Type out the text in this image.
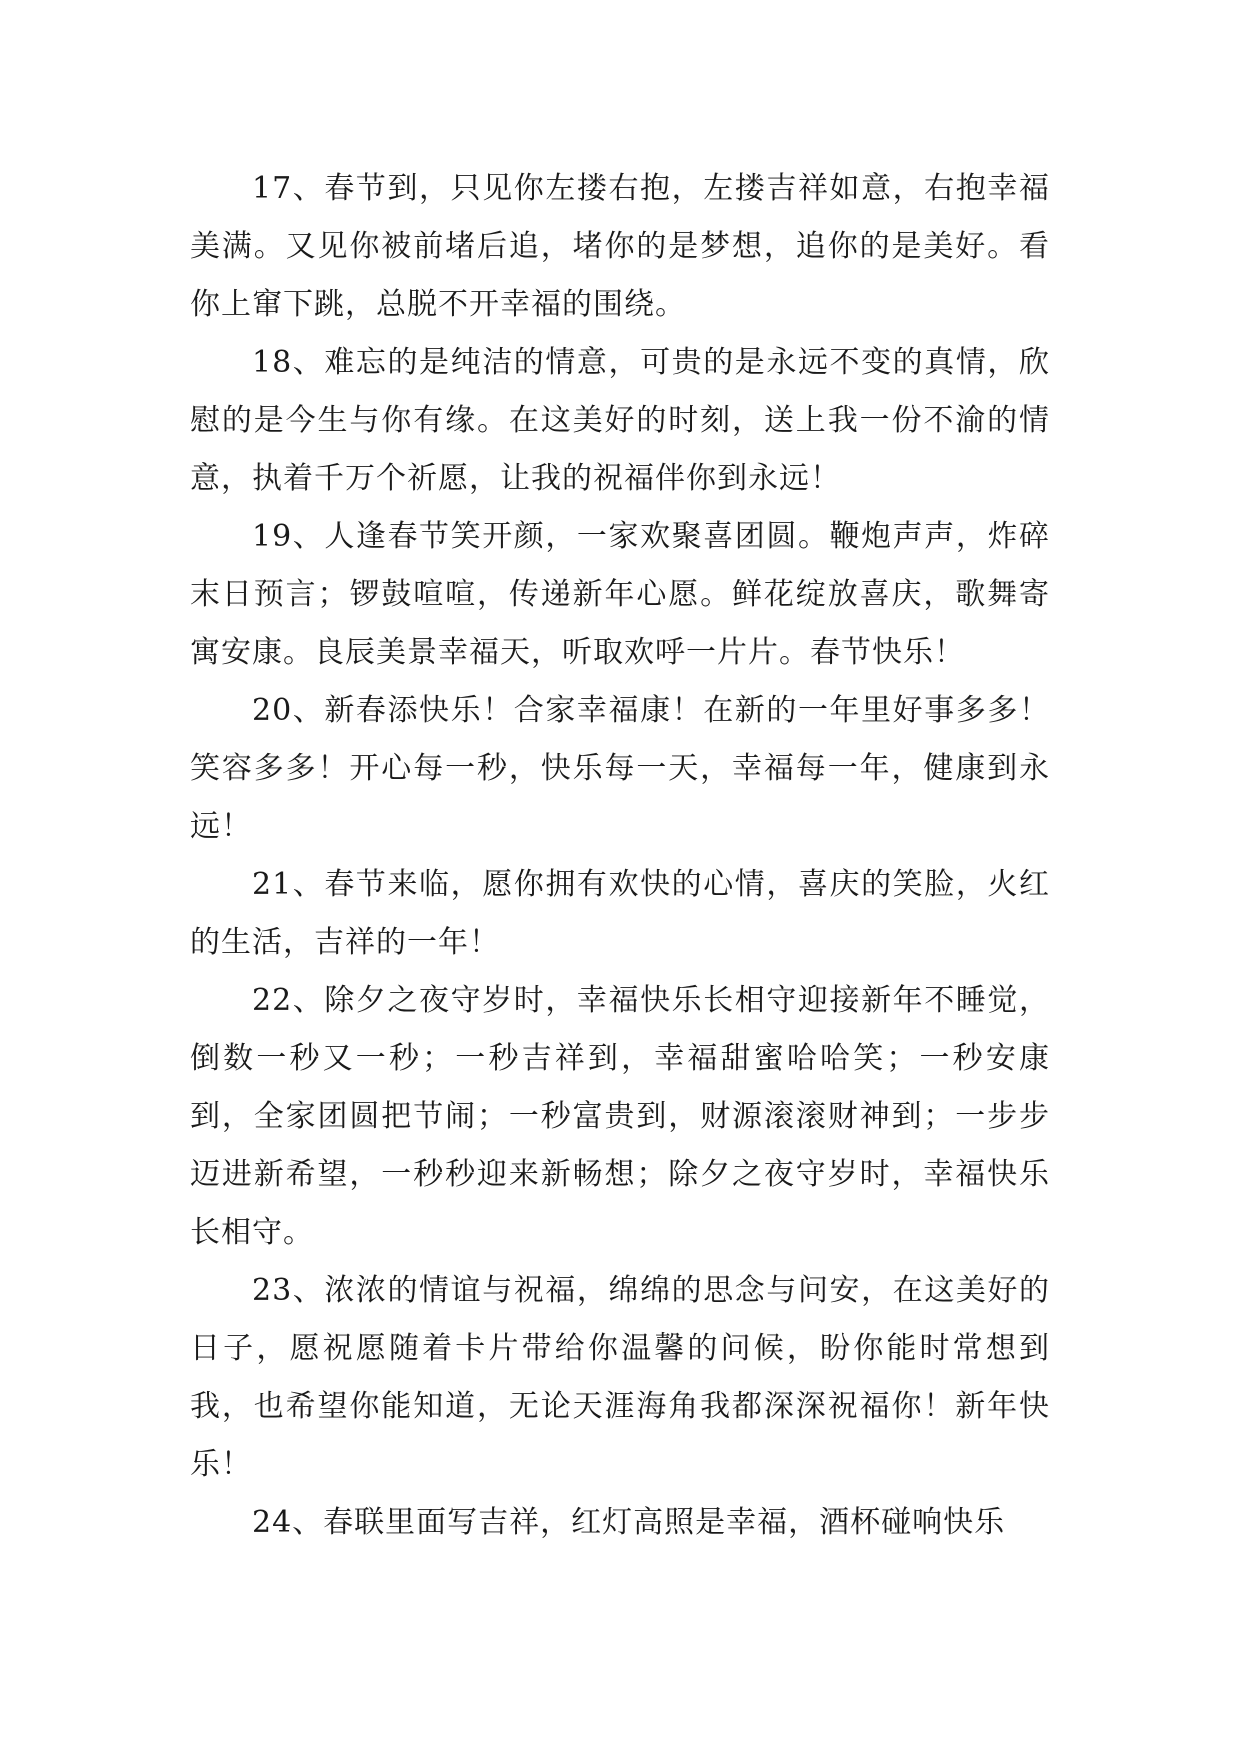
17、春节到，只见你左搂右抱，左搂吉祥如意，右抱幸福美满。又见你被前堵后追，堵你的是梦想，追你的是美好。看你上窜下跳，总脱不开幸福的围绕。

18、难忘的是纯洁的情意，可贵的是永远不变的真情，欣慰的是今生与你有缘。在这美好的时刻，送上我一份不渝的情意，执着千万个祈愿，让我的祝福伴你到永远！

19、人逢春节笑开颜，一家欢聚喜团圆。鞭炮声声，炸碎末日预言；锣鼓喧喧，传递新年心愿。鲜花绽放喜庆，歌舞寄寓安康。良辰美景幸福天，听取欢呼一片片。春节快乐！

20、新春添快乐！合家幸福康！在新的一年里好事多多！笑容多多！开心每一秒，快乐每一天，幸福每一年，健康到永远！

21、春节来临，愿你拥有欢快的心情，喜庆的笑脸，火红的生活，吉祥的一年！

22、除夕之夜守岁时，幸福快乐长相守迎接新年不睡觉，倒数一秒又一秒；一秒吉祥到，幸福甜蜜哈哈笑；一秒安康到，全家团圆把节闹；一秒富贵到，财源滚滚财神到；一步步迈进新希望，一秒秒迎来新畅想；除夕之夜守岁时，幸福快乐长相守。

23、浓浓的情谊与祝福，绵绵的思念与问安，在这美好的日子，愿祝愿随着卡片带给你温馨的问候，盼你能时常想到我，也希望你能知道，无论天涯海角我都深深祝福你！新年快乐！

24、春联里面写吉祥，红灯高照是幸福，酒杯碰响快乐
